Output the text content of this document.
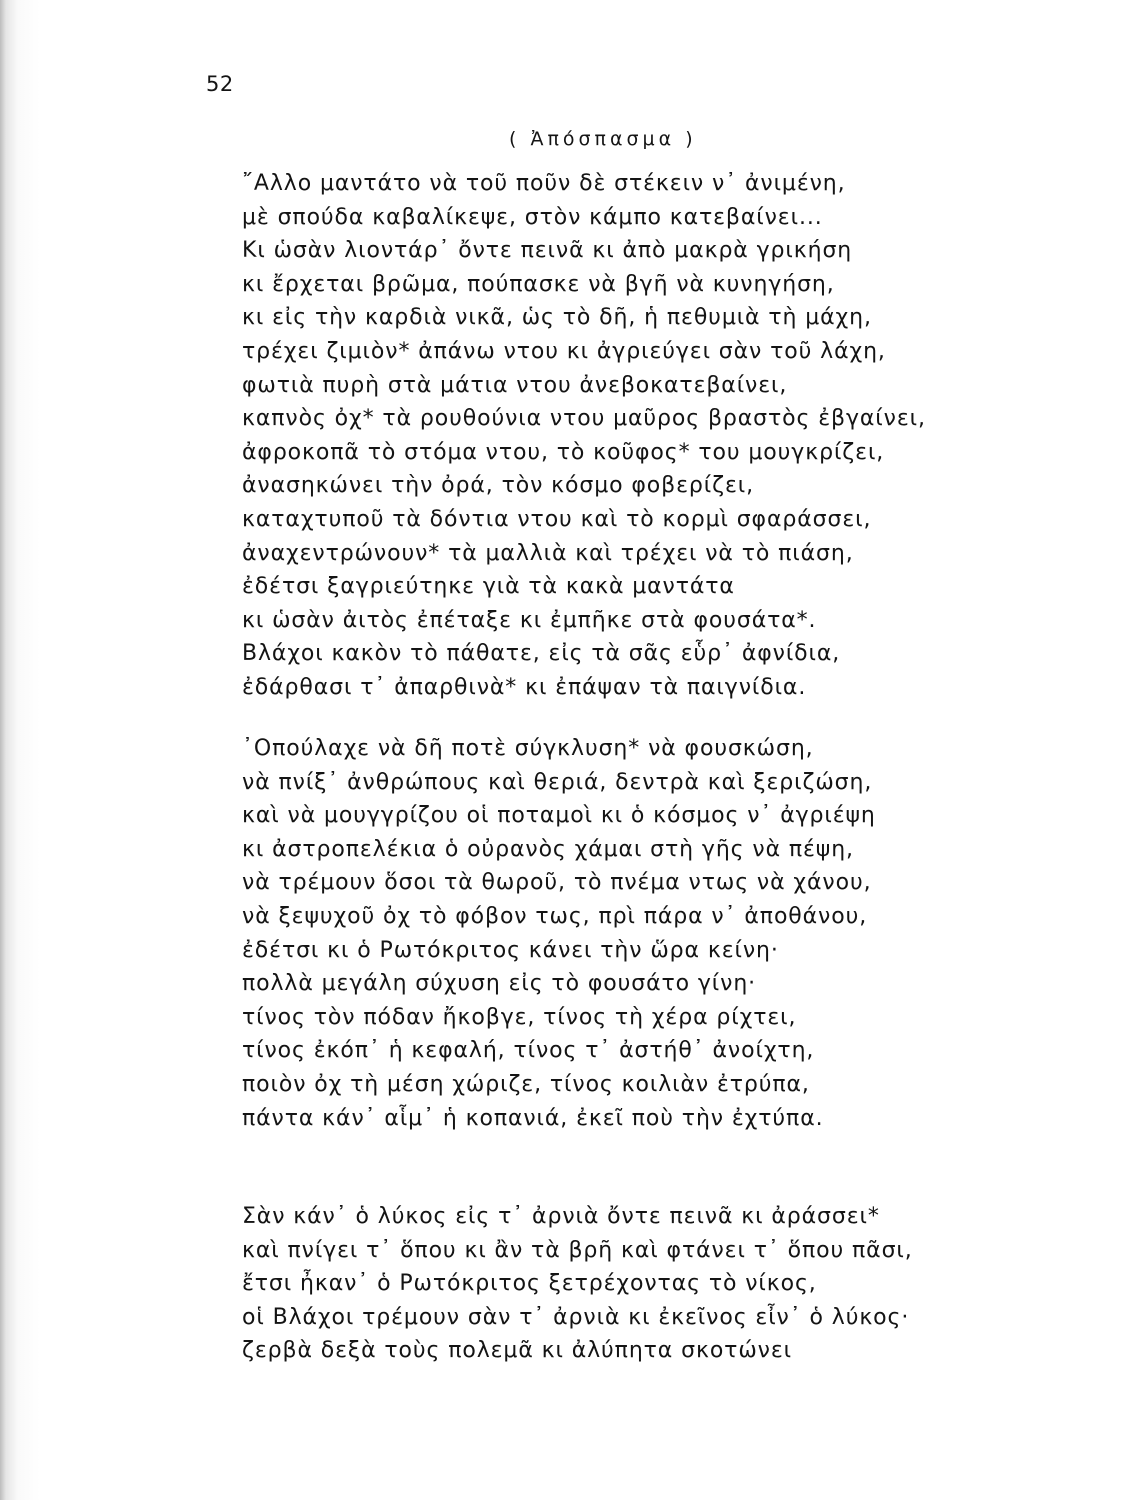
52
( Ἀπόσπασμα )
῎Αλλο μαντάτο νὰ τοῦ ποῦν δὲ στέκειν ν᾿ ἀνιμένη,
μὲ σπούδα καβαλίκεψε, στὸν κάμπο κατεβαίνει...
Κι ὡσὰν λιοντάρ᾿ ὄντε πεινᾶ κι ἀπὸ μακρὰ γρικήση
κι ἔρχεται βρῶμα, πούπασκε νὰ βγῆ νὰ κυνηγήση,
κι εἰς τὴν καρδιὰ νικᾶ, ὡς τὸ δῆ, ἡ πεθυμιὰ τὴ μάχη,
τρέχει ζιμιὸν* ἀπάνω ντου κι ἀγριεύγει σὰν τοῦ λάχη,
φωτιὰ πυρὴ στὰ μάτια ντου ἀνεβοκατεβαίνει,
καπνὸς ὀχ* τὰ ρουθούνια ντου μαῦρος βραστὸς ἐβγαίνει,
ἀφροκοπᾶ τὸ στόμα ντου, τὸ κοῦφος* του μουγκρίζει,
ἀνασηκώνει τὴν ὀρά, τὸν κόσμο φοβερίζει,
καταχτυποῦ τὰ δόντια ντου καὶ τὸ κορμὶ σφαράσσει,
ἀναχεντρώνουν* τὰ μαλλιὰ καὶ τρέχει νὰ τὸ πιάση,
ἐδέτσι ξαγριεύτηκε γιὰ τὰ κακὰ μαντάτα
κι ὡσὰν ἀιτὸς ἐπέταξε κι ἐμπῆκε στὰ φουσάτα*.
Βλάχοι κακὸν τὸ πάθατε, εἰς τὰ σᾶς εὗρ᾿ ἀφνίδια,
ἐδάρθασι τ᾿ ἀπαρθινὰ* κι ἐπάψαν τὰ παιγνίδια.
᾿Οπούλαχε νὰ δῆ ποτὲ σύγκλυση* νὰ φουσκώση,
νὰ πνίξ᾿ ἀνθρώπους καὶ θεριά, δεντρὰ καὶ ξεριζώση,
καὶ νὰ μουγγρίζου οἱ ποταμοὶ κι ὁ κόσμος ν᾿ ἀγριέψη
κι ἀστροπελέκια ὁ οὐρανὸς χάμαι στὴ γῆς νὰ πέψη,
νὰ τρέμουν ὅσοι τὰ θωροῦ, τὸ πνέμα ντως νὰ χάνου,
νὰ ξεψυχοῦ ὀχ τὸ φόβον τως, πρὶ πάρα ν᾿ ἀποθάνου,
ἐδέτσι κι ὁ Ρωτόκριτος κάνει τὴν ὥρα κείνη·
πολλὰ μεγάλη σύχυση εἰς τὸ φουσάτο γίνη·
τίνος τὸν πόδαν ἤκοβγε, τίνος τὴ χέρα ρίχτει,
τίνος ἐκόπ᾿ ἡ κεφαλή, τίνος τ᾿ ἀστήθ᾿ ἀνοίχτη,
ποιὸν ὀχ τὴ μέση χώριζε, τίνος κοιλιὰν ἐτρύπα,
πάντα κάν᾿ αἷμ᾿ ἡ κοπανιά, ἐκεῖ ποὺ τὴν ἐχτύπα.
Σὰν κάν᾿ ὁ λύκος εἰς τ᾿ ἀρνιὰ ὄντε πεινᾶ κι ἀράσσει*
καὶ πνίγει τ᾿ ὅπου κι ἂν τὰ βρῆ καὶ φτάνει τ᾿ ὅπου πᾶσι,
ἔτσι ἦκαν᾿ ὁ Ρωτόκριτος ξετρέχοντας τὸ νίκος,
οἱ Βλάχοι τρέμουν σὰν τ᾿ ἀρνιὰ κι ἐκεῖνος εἶν᾿ ὁ λύκος·
ζερβὰ δεξὰ τοὺς πολεμᾶ κι ἀλύπητα σκοτώνει
